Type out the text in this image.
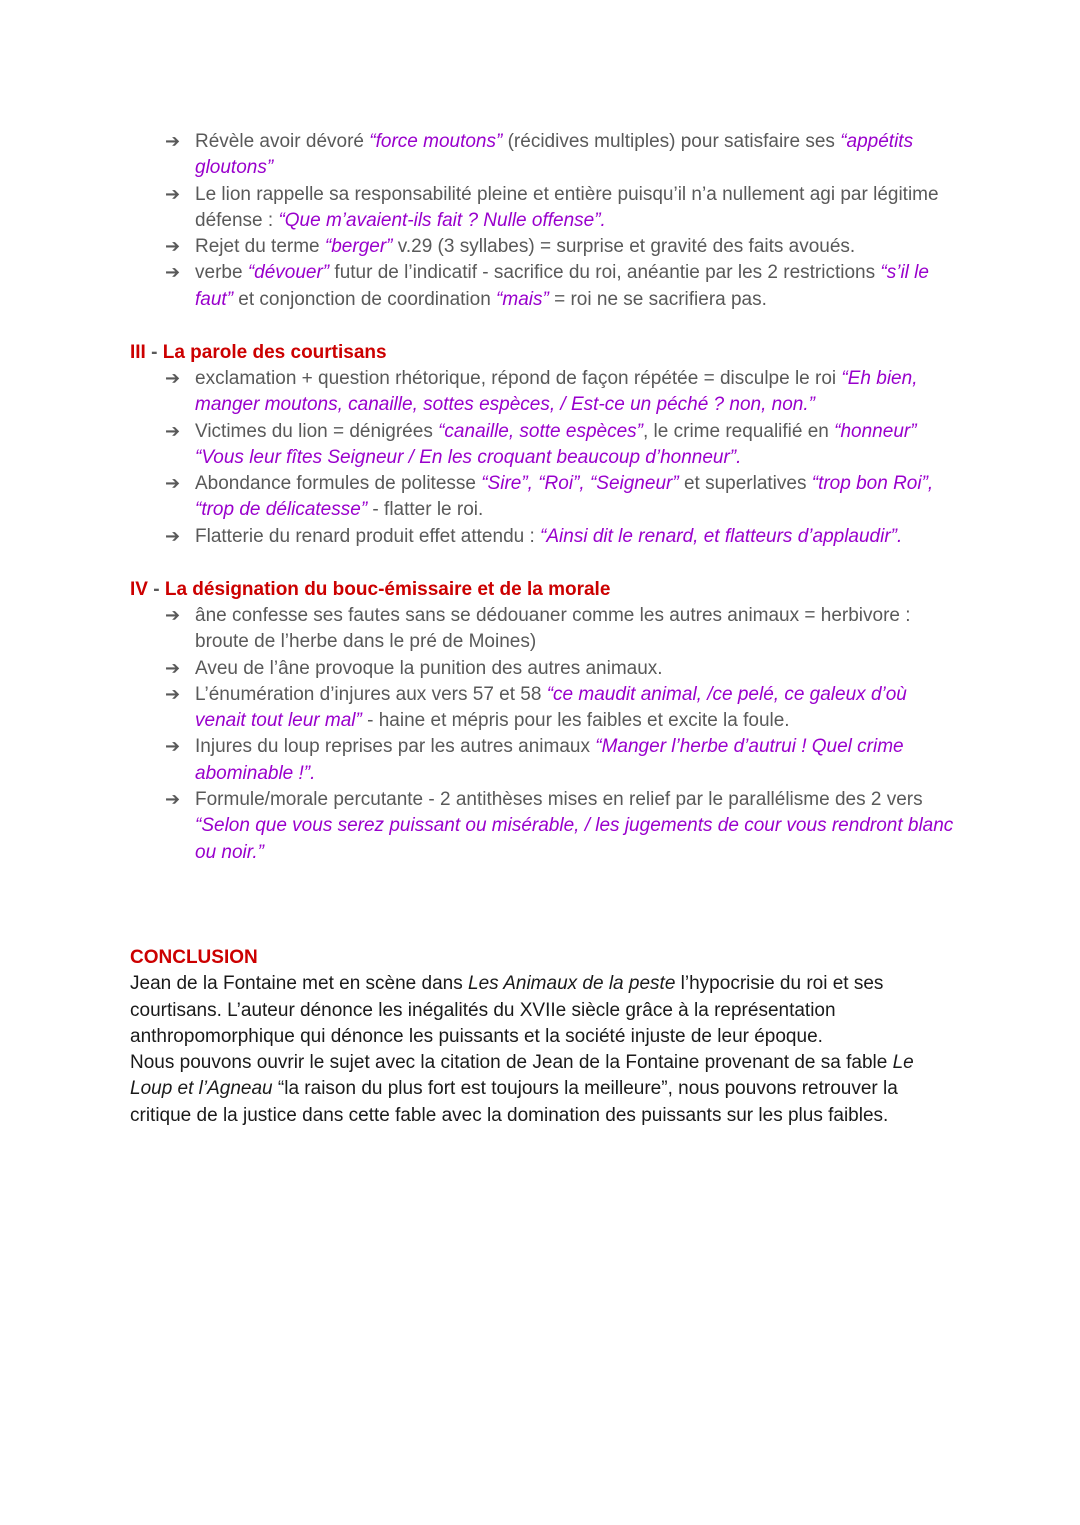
➔ Révèle avoir dévoré “force moutons” (récidives multiples) pour satisfaire ses “appétits gloutons”
➔ Le lion rappelle sa responsabilité pleine et entière puisqu’il n’a nullement agi par légitime défense : “Que m’avaient-ils fait ? Nulle offense”.
➔ Rejet du terme “berger” v.29 (3 syllabes) = surprise et gravité des faits avoués.
➔ verbe “dévouer” futur de l’indicatif - sacrifice du roi, anéantie par les 2 restrictions “s’il le faut” et conjonction de coordination “mais” = roi ne se sacrifiera pas.
III - La parole des courtisans
➔ exclamation + question rhétorique, répond de façon répétée = disculpe le roi “Eh bien, manger moutons, canaille, sottes espèces, / Est-ce un péché ? non, non.”
➔ Victimes du lion = dénigrées “canaille, sotte espèces”, le crime requalifié en “honneur” “Vous leur fîtes Seigneur / En les croquant beaucoup d’honneur”.
➔ Abondance formules de politesse “Sire”, “Roi”, “Seigneur” et superlatives “trop bon Roi”, “trop de délicatesse” - flatter le roi.
➔ Flatterie du renard produit effet attendu : “Ainsi dit le renard, et flatteurs d’applaudir”.
IV - La désignation du bouc-émissaire et de la morale
➔ âne confesse ses fautes sans se dédouaner comme les autres animaux = herbivore : broute de l’herbe dans le pré de Moines)
➔ Aveu de l’âne provoque la punition des autres animaux.
➔ L’énumération d’injures aux vers 57 et 58 “ce maudit animal, /ce pelé, ce galeux d’où venait tout leur mal” - haine et mépris pour les faibles et excite la foule.
➔ Injures du loup reprises par les autres animaux “Manger l’herbe d’autrui ! Quel crime abominable !”.
➔ Formule/morale percutante - 2 antithèses mises en relief par le parallélisme des 2 vers “Selon que vous serez puissant ou misérable, / les jugements de cour vous rendront blanc ou noir.”
CONCLUSION

Jean de la Fontaine met en scène dans Les Animaux de la peste l’hypocrisie du roi et ses courtisans. L’auteur dénonce les inégalités du XVIIe siècle grâce à la représentation anthropomorphique qui dénonce les puissants et la société injuste de leur époque.

Nous pouvons ouvrir le sujet avec la citation de Jean de la Fontaine provenant de sa fable Le Loup et l’Agneau “la raison du plus fort est toujours la meilleure”, nous pouvons retrouver la critique de la justice dans cette fable avec la domination des puissants sur les plus faibles.
